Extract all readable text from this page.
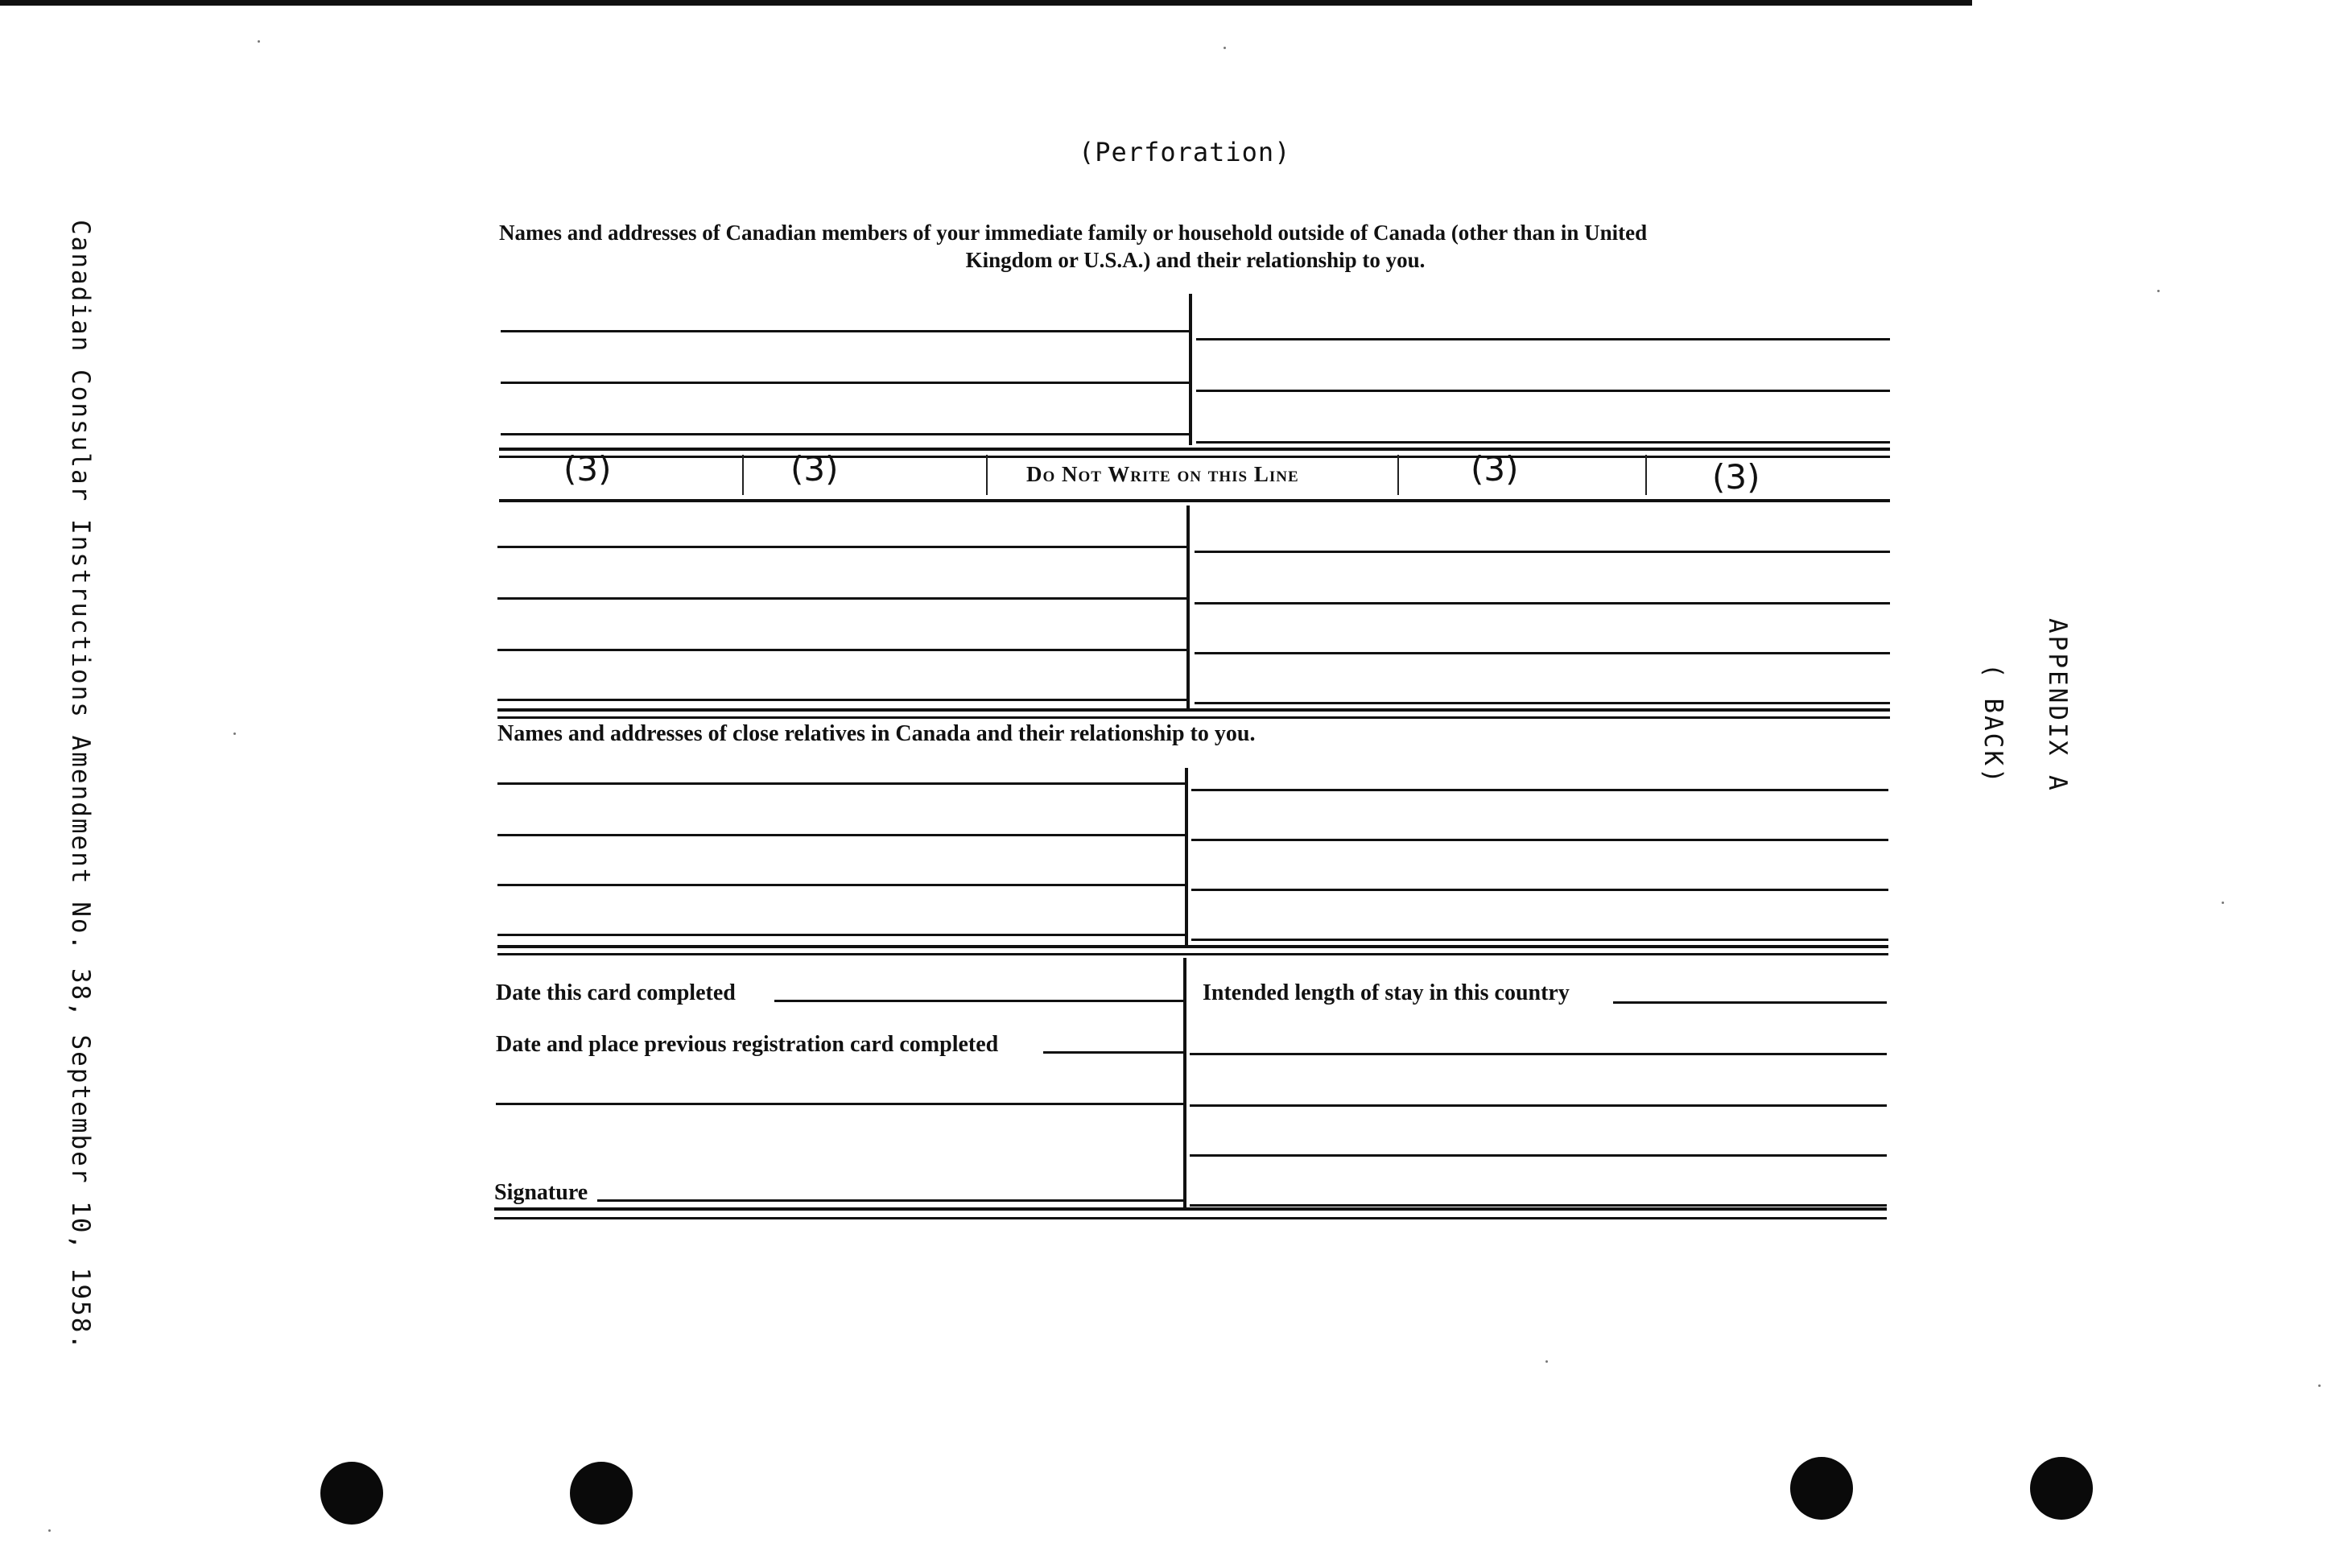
(Perforation)
Names and addresses of Canadian members of your immediate family or household outside of Canada (other than in United
Kingdom or U.S.A.) and their relationship to you.
(3)	(3)	Do Not Write on this Line	(3)	(3)
Names and addresses of close relatives in Canada and their relationship to you.
Date this card completed
Date and place previous registration card completed
Signature
Intended length of stay in this country
Canadian Consular Instructions Amendment No. 38, September 10, 1958.	APPENDIX A
( BACK)
